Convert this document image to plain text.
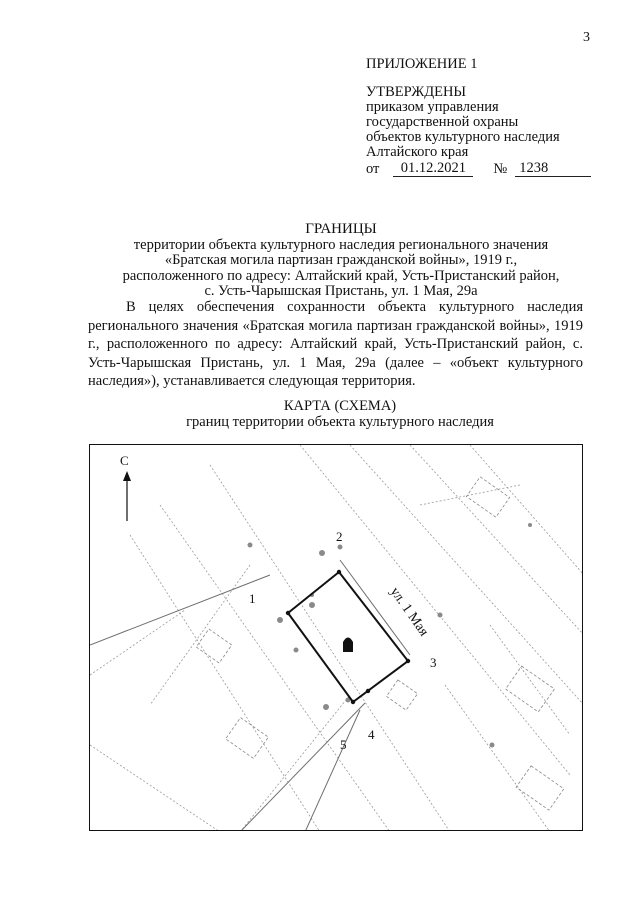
3
ПРИЛОЖЕНИЕ 1
УТВЕРЖДЕНЫ
приказом управления
государственной охраны
объектов культурного наследия
Алтайского края
от	01.12.2021	№ 1238
ГРАНИЦЫ
территории объекта культурного наследия регионального значения
«Братская могила партизан гражданской войны», 1919 г.,
расположенного по адресу: Алтайский край, Усть-Пристанский район,
с. Усть-Чарышская Пристань, ул. 1 Мая, 29а
В целях обеспечения сохранности объекта культурного наследия регионального значения «Братская могила партизан гражданской войны», 1919 г., расположенного по адресу: Алтайский край, Усть-Пристанский район, с. Усть-Чарышская Пристань, ул. 1 Мая, 29а (далее – «объект культурного наследия»), устанавливается следующая территория.
КАРТА (СХЕМА)
границ территории объекта культурного наследия
С
ул. 1 Мая
1
2
3
4
5
